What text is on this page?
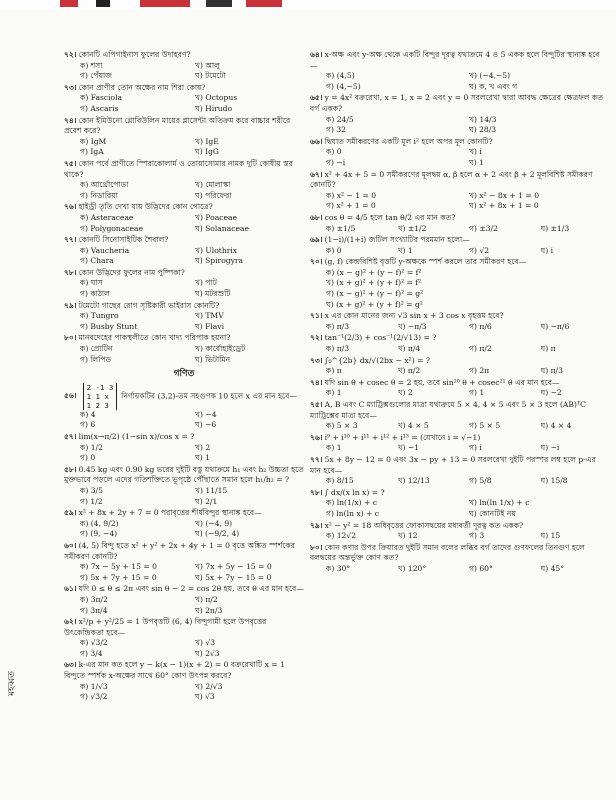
মহব্বত
৭২। কোনটি এপিগাইনাস ফুলের উদাহরণ?
ক) শসা	খ) আলু
গ) পেঁয়াজ	ঘ) টমেটো
৭৩। কোন প্রাণীর তোন অক্ষের নাম শিরা কোষ?
ক) Fasciola	খ) Octopus
গ) Ascaris	ঘ) Hirudo
৭৪। কোন ইমিউনো গ্লোবিউলিন মায়ের প্লাসেন্টা অতিক্রম করে বাচ্চার শরীরে প্রবেশ করে?
ক) IgM	খ) IgE
গ) IgA	ঘ) IgG
৭৫। কোন পর্বে প্রাণীতে স্পিরাকোলার্ম ও তোয়াসোমার নামক দুটি কোষীয় স্তর থাকে?
ক) আর্থ্রোপোডা	খ) মোলাস্কা
গ) নিডারিয়া	ঘ) পরিফেরা
৭৬। হাইড্রী তৃতি দেখা যায় উদ্ভিদের কোন গোত্রে?
ক) Asteraceae	খ) Poaceae
গ) Polygonaceae	ঘ) Solanaceae
৭৭। কোনটি সিনোসাইটিক শৈবাল?
ক) Vaucheria	খ) Ulothrix
গ) Chara	ঘ) Spirogyra
৭৮। কোন উদ্ভিদের ফুলের নাম পুষ্পিকা?
ক) ঘাস	খ) পাট
গ) কাঠাল	ঘ) মটরশুটি
৭৯। টমেটো গাছের রোগ সৃষ্টিকারী ভাইরাস কোনটি?
ক) Tungro	খ) TMV
গ) Busby Stunt	ঘ) Flavi
৮০। মানবদেহের পাকস্থলীতে কোন খাদ্য পরিপাক হয়না?
ক) প্রোটিন	খ) কার্বোহাইড্রেট
গ) লিপিড	ঘ) ভিটামিন
গণিত
৫৬।
2 -1 3
1 1 x
1 2 3
নির্ণায়কটির (3,2)-তম সহগুণক 10 হলে x এর মান হবে—
ক) 4	খ) −4
গ) 6	ঘ) −6
৫৭। lim(x→π/2) (1−sin x)/cos x = ?
ক) 1/2	খ) 2
গ) 0	ঘ) 1
৫৮। 0.45 kg এবং 0.90 kg ভরের দুইটি বস্তু যথাক্রমে h₁ এবং h₂ উচ্চতা হতে মুক্তভাবে পড়লে এদের গতিশক্তিতে ভূপৃষ্ঠে পৌঁছাতে সমান হলে h₁/h₂ = ?
ক) 3/5	খ) 11/15
গ) 1/2	ঘ) 2/1
৫৯। x² + 8x + 2y + 7 = 0 পরাবৃত্তের শীর্ষবিন্দুর স্থানাঙ্ক হবে—
ক) (4, 9/2)	খ) (−4, 9)
গ) (9, −4)	ঘ) (−9/2, 4)
৬০। (4, 5) বিন্দু হতে x² + y² + 2x + 4y + 1 = 0 বৃত্তে অঙ্কিত স্পর্শকের সমীকরণ কোনটি?
ক) 7x − 5y + 15 = 0	খ) 7x + 5y − 15 = 0
গ) 5x + 7y + 15 = 0	ঘ) 5x + 7y − 15 = 0
৬১। যদি 0 ≤ θ ≤ 2π এবং sin θ − 2 = cos 2θ হয়, তবে θ এর মান হবে—
ক) 3π/2	খ) π/2
গ) 3π/4	ঘ) 2π/3
৬২। x²/p + y²/25 = 1 উপবৃত্তটি (6, 4) বিন্দুগামী হলে উপবৃত্তের উৎকেন্দ্রিকতা হবে—
ক) √3/2	খ) √3
গ) 3/4	ঘ) 2√3
৬৩। k-এর মান কত হলে y − k(x − 1)(x + 2) = 0 বক্ররেখাটি x = 1 বিন্দুতে স্পর্শক x-অক্ষের সাথে 60° কোণ উৎপন্ন করবে?
ক) 1/√3	খ) 2/√3
গ) √3/2	ঘ) √3
৬৪। x-অক্ষ এবং y-অক্ষ থেকে একটি বিন্দুর দূরত্ব যথাক্রমে 4 ও 5 একক হলে বিন্দুটির স্থানাঙ্ক হবে—
ক) (4,5)	খ) (−4,−5)
গ) (4,−5)	ঘ) ক, খ এবং গ
৬৫। y = 4x² বক্ররেখা, x = 1, x = 2 এবং y = 0 সরলরেখা দ্বারা আবদ্ধ ক্ষেত্রের ক্ষেত্রফল কত বর্গ একক?
ক) 24/5	খ) 14/3
গ) 32	ঘ) 28/3
৬৬। দ্বিঘাত সমীকরণের একটি মূল i² হলে অপর মূল কোনটি?
ক) 0	খ) i
গ) −i	ঘ) 1
৬৭। x² + 4x + 5 = 0 সমীকরণের মূলদ্বয় α, β হলে α + 2 এবং β + 2 মূলবিশিষ্ট সমীকরণ কোনটি?
ক) x² − 1 = 0	খ) x² − 8x + 1 = 0
গ) x² + 1 = 0	ঘ) x² + 8x + 1 = 0
৬৮। cos θ = 4/5 হলে tan θ/2 এর মান কত?
ক) ±1/5	খ) ±1/2	গ) ±3/2	ঘ) ±1/3
৬৯। (1−i)/(1+i) জটিল সংখ্যাটির পরমমান হলো—
ক) 0	খ) 1	গ) √2	ঘ) i
৭০। (g, f) কেন্দ্রবিশিষ্ট বৃত্তটি y-অক্ষকে স্পর্শ করলে তার সমীকরণ হবে—
ক) (x − g)² + (y − f)² = f²
খ) (x + g)² + (y + f)² = f²
গ) (x − g)² + (y − f)² = g²
ঘ) (x + g)² + (y + f)² = g²
৭১। x এর কোন মানের জন্য √3 sin x + 3 cos x বৃহত্তম হবে?
ক) π/3	খ) −π/3	গ) π/6	ঘ) −π/6
৭২। tan⁻¹(2/3) + cos⁻¹(2/√13) = ?
ক) π/3	খ) π/4	গ) π/2	ঘ) π
৭৩। ∫₀^{2b} dx/√(2bx − x²) = ?
ক) π	খ) π/2	গ) 2π	ঘ) π/3
৭৪। যদি sin θ + cosec θ = 2 হয়, তবে sin²⁰ θ + cosec²¹ θ এর মান হবে—
ক) 1	খ) 2	গ) 1	ঘ) −2
৭৫। A, B এবং C ম্যাট্রিক্সগুলোর মাত্রা যথাক্রমে 5 × 4, 4 × 5 এবং 5 × 3 হলে (AB)ᵀC ম্যাট্রিক্সের মাত্রা হবে—
ক) 5 × 3	খ) 4 × 5	গ) 5 × 5	ঘ) 4 × 4
৭৬। i⁹ + i¹⁰ + i¹¹ + i¹² + i¹³ = (যেখানে i = √−1)
ক) 1	খ) −1	গ) i	ঘ) −i
৭৭। 5x + 8y − 12 = 0 এবং 3x − py + 13 = 0 সরলরেখা দুইটি পরস্পর লম্ব হলে p-এর মান হবে—
ক) 8/15	খ) 12/13	গ) 5/8	ঘ) 15/8
৭৮। ∫ dx/(x ln x) = ?
ক) ln(1/x) + c	খ) ln(ln 1/x) + c
গ) ln(ln x) + c	ঘ) কোনটিই নয়
৭৯। x² − y² = 18 অধিবৃত্তের ফোকাসদ্বয়ের মধ্যবর্তী দূরত্ব কত একক?
ক) 12√2	খ) 12	গ) 3	ঘ) 15
৮০। কোন কণার উপর ক্রিয়ারত দুইটি সমান বলের লব্ধির বর্গ তাদের গুণফলের তিনগুণ হলে বলদ্বয়ের অন্তর্ভুক্ত কোণ কত?
ক) 30°	খ) 120°	গ) 60°	ঘ) 45°
